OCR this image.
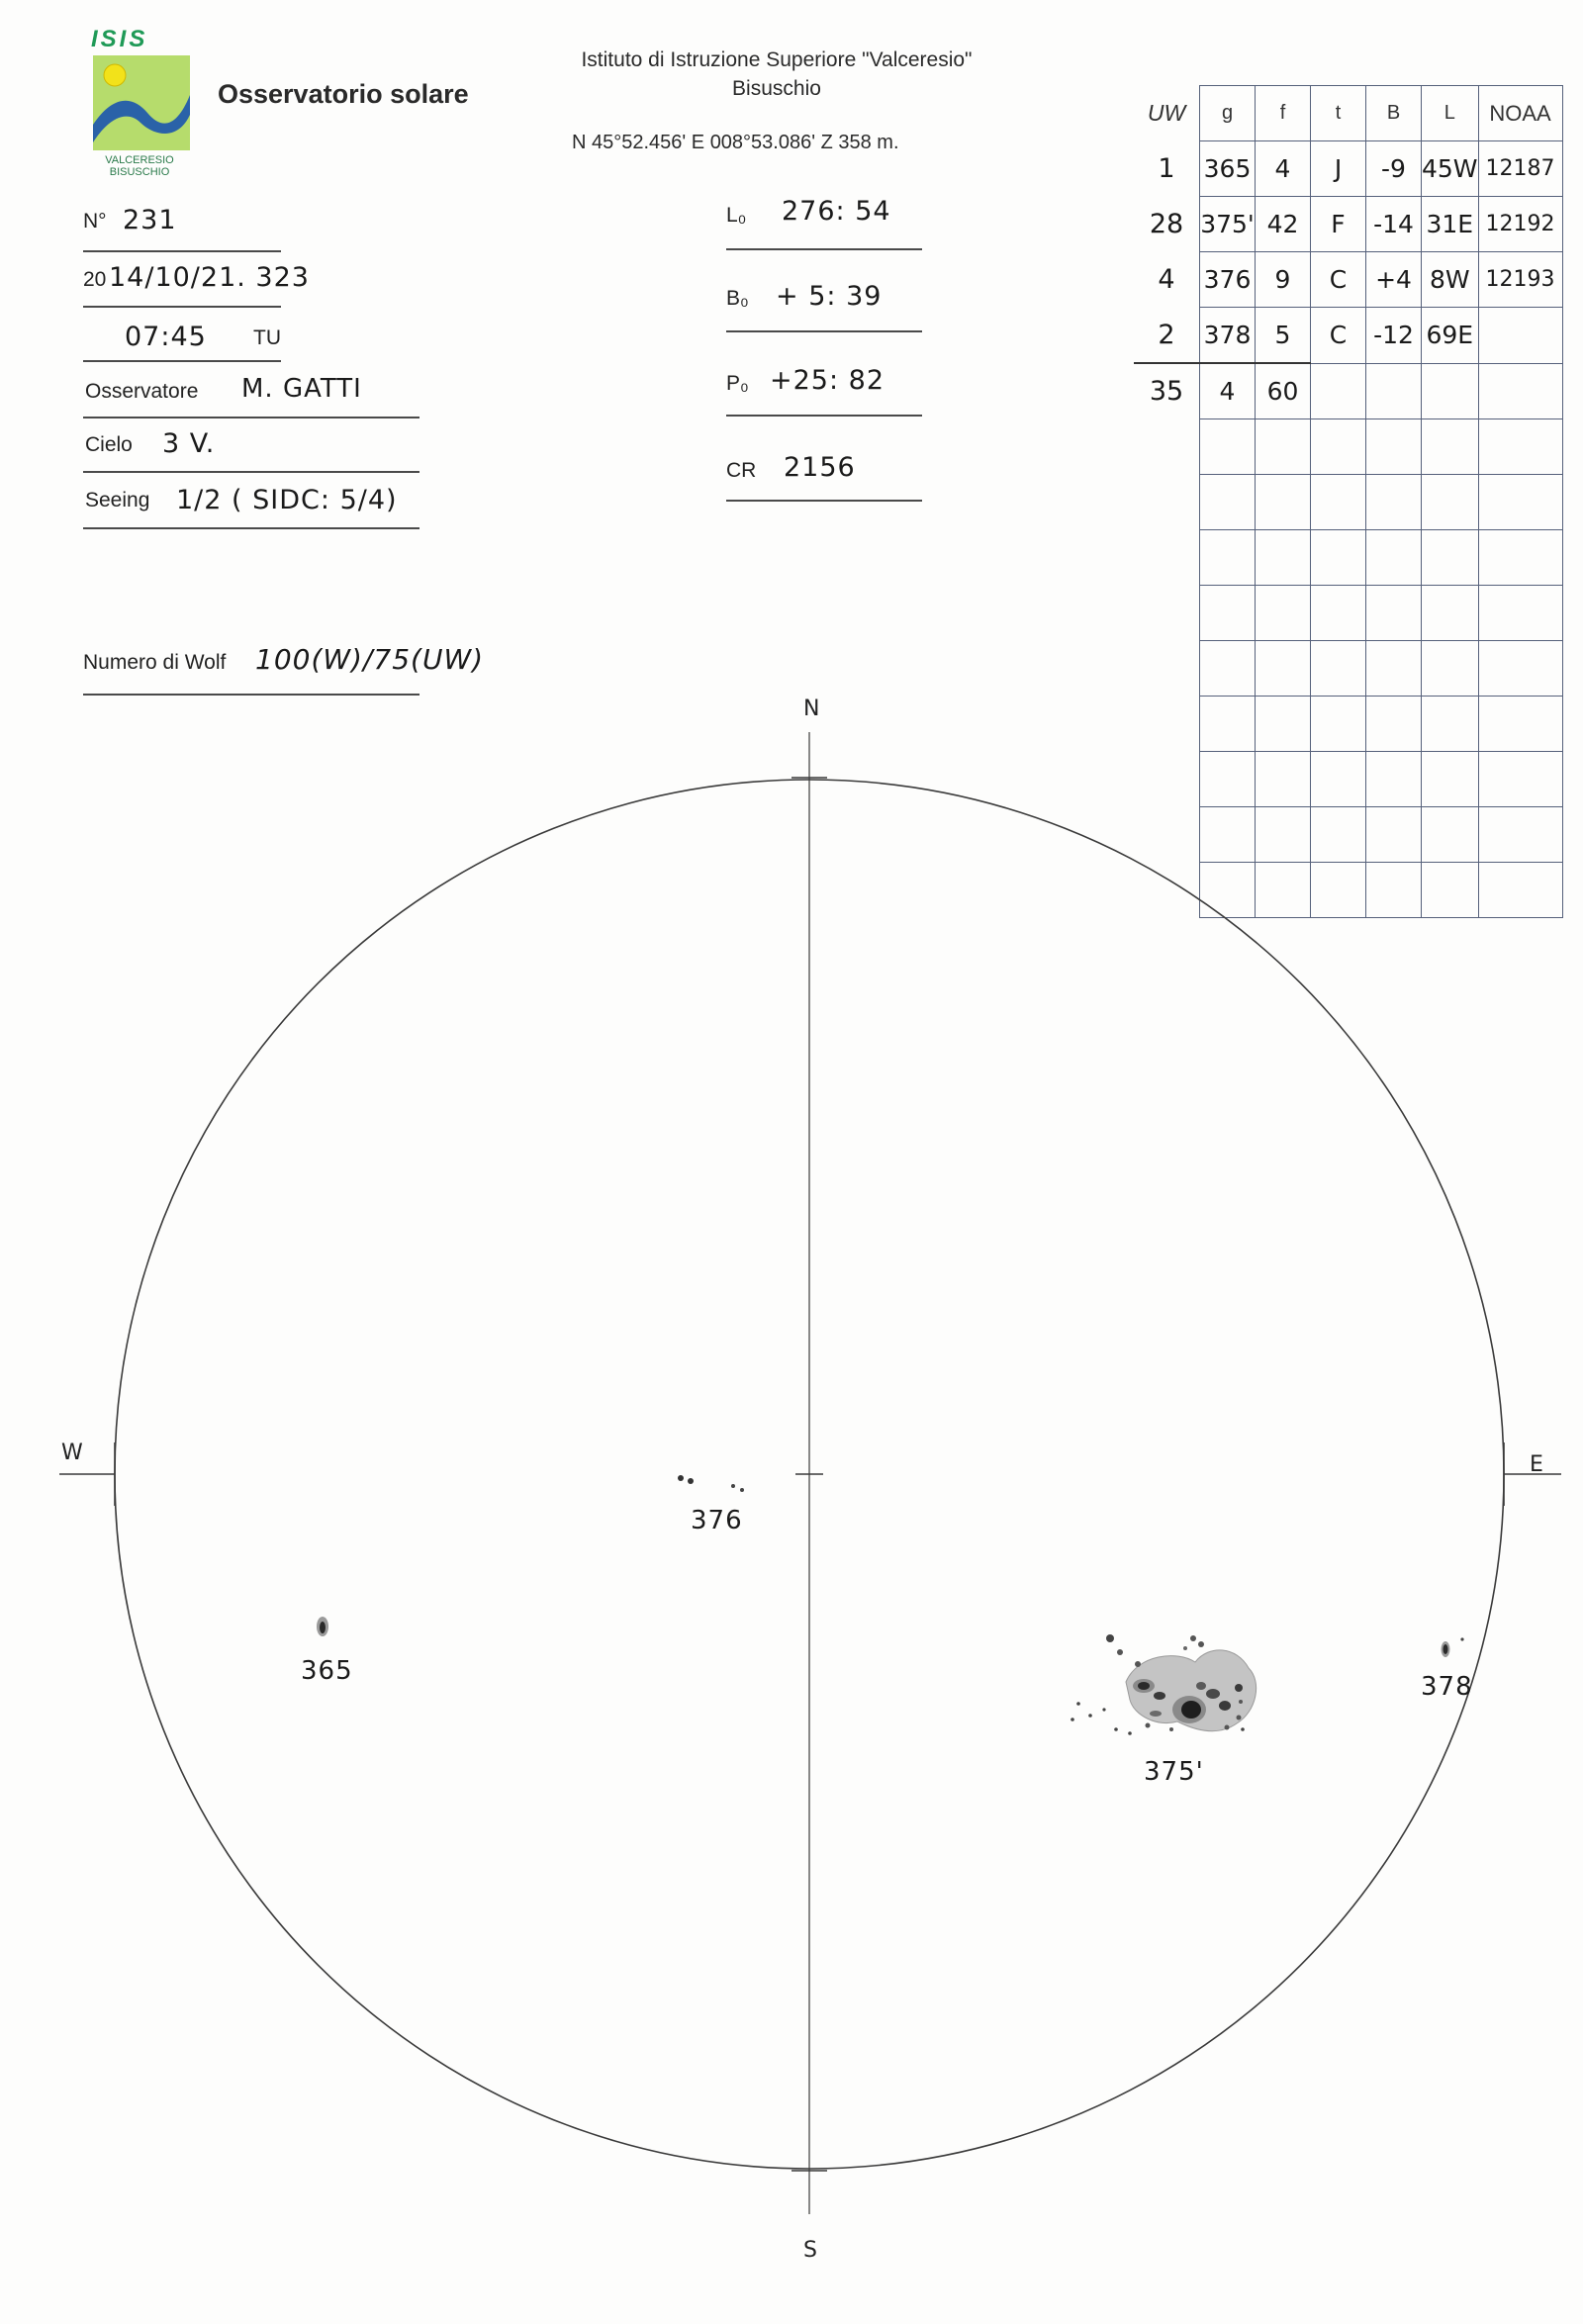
ISIS
VALCERESIO
BISUSCHIO
Osservatorio solare
Istituto di Istruzione Superiore "Valceresio"
Bisuschio
N 45°52.456' E 008°53.086' Z 358 m.
N° 231
20 14/10/21. 323
07:45 TU
Osservatore M. GATTI
Cielo 3 V.
Seeing 1/2 ( SIDC: 5/4)
Numero di Wolf 100(W)/75(UW)
L₀ 276: 54
B₀ + 5: 39
P₀ +25: 82
CR 2156
UW	g	f	t	B	L	NOAA
1	365	4	J	-9	45W	12187
28	375'	42	F	-14	31E	12192
4	376	9	C	+4	8W	12193
2	378	5	C	-12	69E	
35	4	60				

N
S
W	E
376
365
375'
378
